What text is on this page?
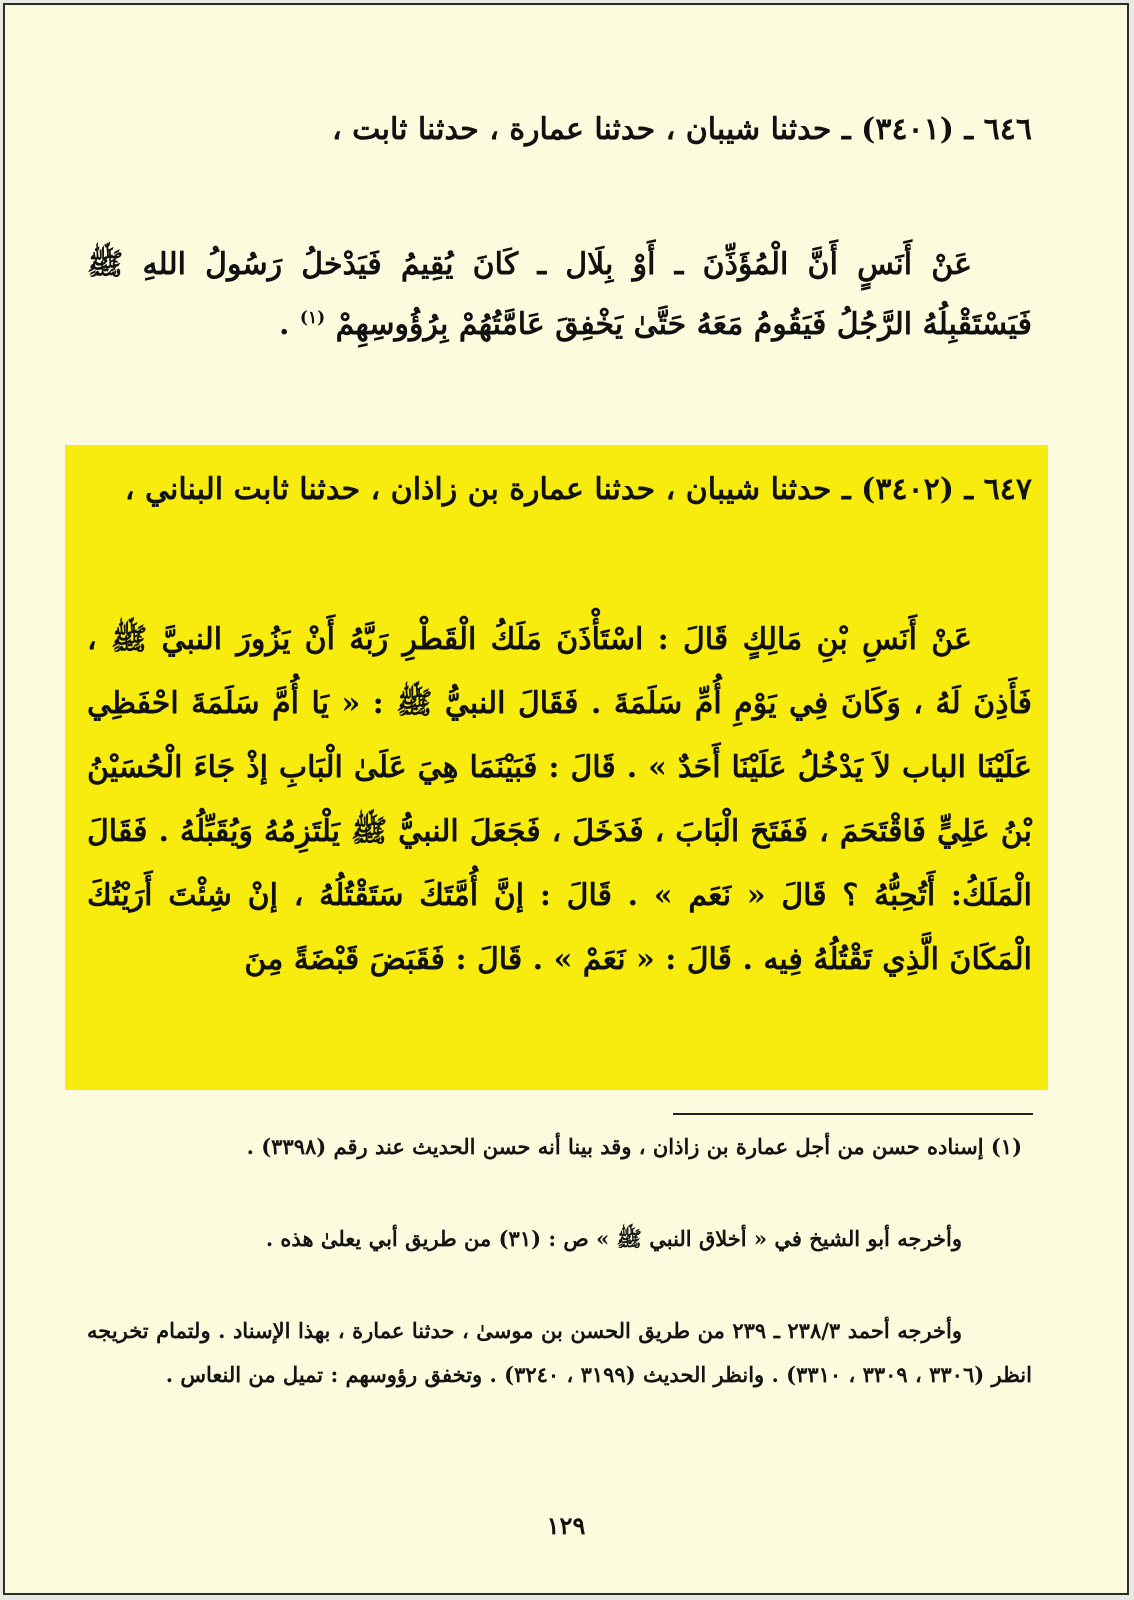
٦٤٦ ـ (٣٤٠١) ـ حدثنا شيبان ، حدثنا عمارة ، حدثنا ثابت ،

عَنْ أَنَسٍ أَنَّ الْمُؤَذِّنَ ـ أَوْ بِلَال ـ كَانَ يُقِيمُ فَيَدْخلُ رَسُولُ اللهِ ﷺ فَيَسْتَقْبِلُهُ الرَّجُلُ فَيَقُومُ مَعَهُ حَتَّىٰ يَخْفِقَ عَامَّتُهُمْ بِرُؤُوسِهِمْ $^{(١)}$ .

٦٤٧ ـ (٣٤٠٢) ـ حدثنا شيبان ، حدثنا عمارة بن زاذان ، حدثنا ثابت البناني ،

عَنْ أَنَسِ بْنِ مَالِكٍ قَالَ : اسْتَأْذَنَ مَلَكُ الْقَطْرِ رَبَّهُ أَنْ يَزُورَ النبيَّ ﷺ ، فَأَذِنَ لَهُ ، وَكَانَ فِي يَوْمِ أُمِّ سَلَمَةَ . فَقَالَ النبيُّ ﷺ : « يَا أُمَّ سَلَمَةَ احْفَظِي عَلَيْنَا الباب لاَ يَدْخُلُ عَلَيْنَا أَحَدٌ » . قَالَ : فَبَيْنَمَا هِيَ عَلَىٰ الْبَابِ إذْ جَاءَ الْحُسَيْنُ بْنُ عَلِيٍّ فَاقْتَحَمَ ، فَفَتَحَ الْبَابَ ، فَدَخَلَ ، فَجَعَلَ النبيُّ ﷺ يَلْتَزِمُهُ وَيُقَبِّلُهُ . فَقَالَ الْمَلَكُ: أَتُحِبُّهُ ؟ قَالَ « نَعَم » . قَالَ : إنَّ أُمَّتَكَ سَتَقْتُلُهُ ، إنْ شِئْتَ أَرَيْتُكَ الْمَكَانَ الَّذِي تَقْتُلُهُ فِيه . قَالَ : « نَعَمْ » . قَالَ : فَقَبَضَ قَبْضَةً مِنَ

(١) إسناده حسن من أجل عمارة بن زاذان ، وقد بينا أنه حسن الحديث عند رقم (٣٣٩٨) .

وأخرجه أبو الشيخ في « أخلاق النبي ﷺ » ص : (٣١) من طريق أبي يعلىٰ هذه .

وأخرجه أحمد ٢٣٨/٣ ـ ٢٣٩ من طريق الحسن بن موسىٰ ، حدثنا عمارة ، بهذا الإسناد . ولتمام تخريجه انظر (٣٣٠٦ ، ٣٣٠٩ ، ٣٣١٠) . وانظر الحديث (٣١٩٩ ، ٣٢٤٠) . وتخفق رؤوسهم : تميل من النعاس .

١٢٩
